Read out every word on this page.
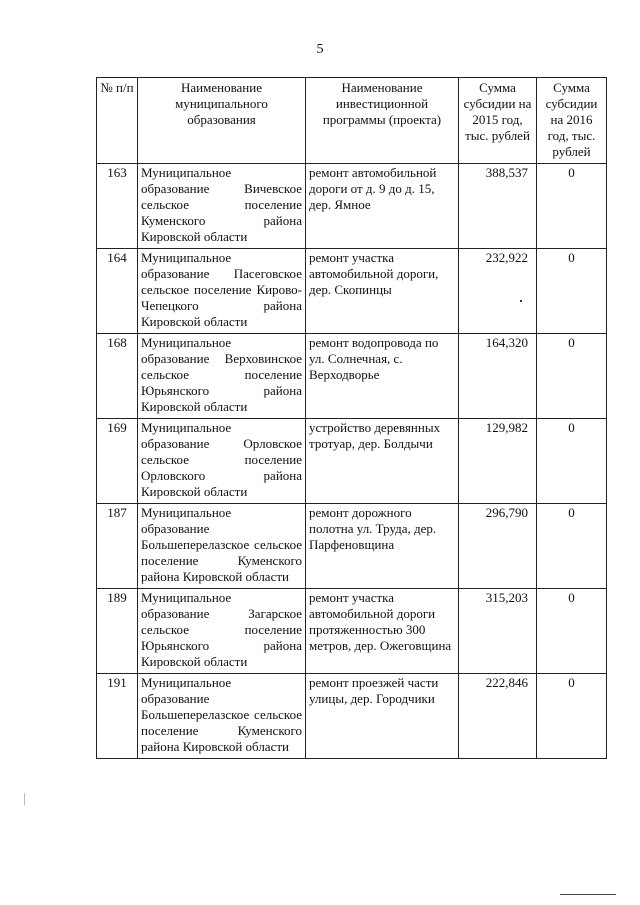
5
№ п/п	Наименование муниципального образования	Наименование инвестиционной программы (проекта)	Сумма субсидии на 2015 год, тыс. рублей	Сумма субсидии на 2016 год, тыс. рублей
163	Муниципальное образование Вичевское сельское поселение Куменского района Кировской области	ремонт автомобильной дороги от д. 9 до д. 15, дер. Ямное	388,537	0
164	Муниципальное образование Пасеговское сельское поселение Кирово-Чепецкого района Кировской области	ремонт участка автомобильной дороги, дер. Скопинцы	232,922	0
168	Муниципальное образование Верховинское сельское поселение Юрьянского района Кировской области	ремонт водопровода по ул. Солнечная, с. Верходворье	164,320	0
169	Муниципальное образование Орловское сельское поселение Орловского района Кировской области	устройство деревянных тротуар, дер. Болдычи	129,982	0
187	Муниципальное образование Большеперелазское сельское поселение Куменского района Кировской области	ремонт дорожного полотна ул. Труда, дер. Парфеновщина	296,790	0
189	Муниципальное образование Загарское сельское поселение Юрьянского района Кировской области	ремонт участка автомобильной дороги протяженностью 300 метров, дер. Ожеговщина	315,203	0
191	Муниципальное образование Большеперелазское сельское поселение Куменского района Кировской области	ремонт проезжей части улицы, дер. Городчики	222,846	0
